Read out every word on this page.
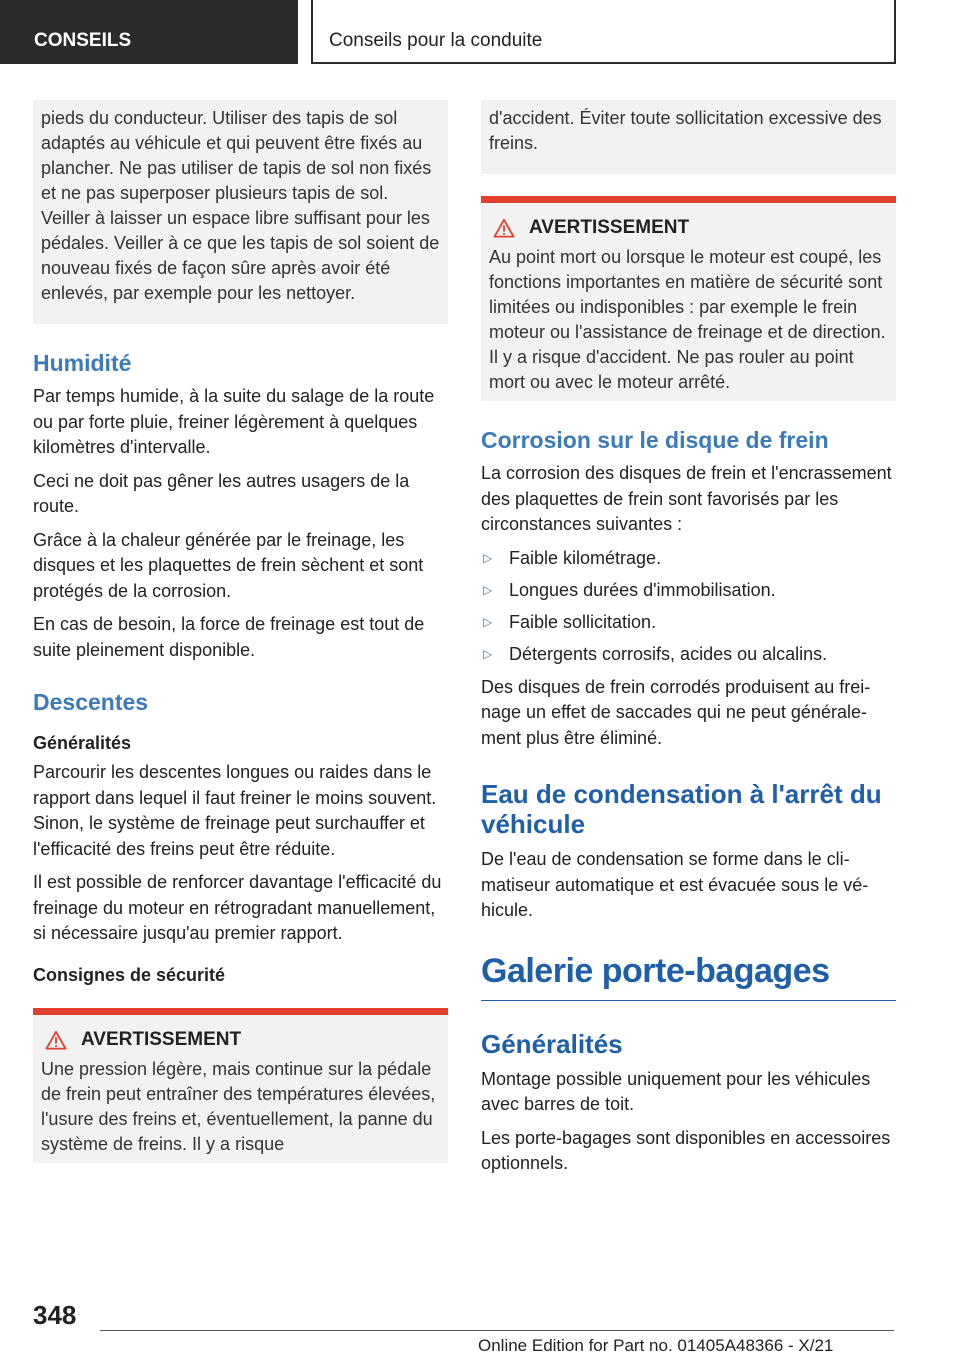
CONSEILS	Conseils pour la conduite
pieds du conducteur. Utiliser des tapis de sol adaptés au véhicule et qui peuvent être fixés au plancher. Ne pas utiliser de tapis de sol non fixés et ne pas superposer plusieurs tapis de sol. Veiller à laisser un espace libre suffisant pour les pédales. Veiller à ce que les tapis de sol soient de nouveau fixés de façon sûre après avoir été enlevés, par exemple pour les nettoyer.
Humidité

Par temps humide, à la suite du salage de la route ou par forte pluie, freiner légèrement à quelques kilomètres d'intervalle.

Ceci ne doit pas gêner les autres usagers de la route.

Grâce à la chaleur générée par le freinage, les disques et les plaquettes de frein sèchent et sont protégés de la corrosion.

En cas de besoin, la force de freinage est tout de suite pleinement disponible.

Descentes
Généralités

Parcourir les descentes longues ou raides dans le rapport dans lequel il faut freiner le moins souvent. Sinon, le système de freinage peut surchauffer et l'efficacité des freins peut être réduite.

Il est possible de renforcer davantage l'efficacité du freinage du moteur en rétrogradant manuellement, si nécessaire jusqu'au premier rapport.

Consignes de sécurité
AVERTISSEMENT
Une pression légère, mais continue sur la pédale de frein peut entraîner des températures élevées, l'usure des freins et, éventuellement, la panne du système de freins. Il y a risque
d'accident. Éviter toute sollicitation excessive des freins.
AVERTISSEMENT
Au point mort ou lorsque le moteur est coupé, les fonctions importantes en matière de sécurité sont limitées ou indisponibles : par exemple le frein moteur ou l'assistance de freinage et de direction. Il y a risque d'accident. Ne pas rouler au point mort ou avec le moteur arrêté.
Corrosion sur le disque de frein

La corrosion des disques de frein et l'encrassement des plaquettes de frein sont favorisés par les circonstances suivantes :

▷ Faible kilométrage.
▷ Longues durées d'immobilisation.
▷ Faible sollicitation.
▷ Détergents corrosifs, acides ou alcalins.

Des disques de frein corrodés produisent au freinage un effet de saccades qui ne peut généralement plus être éliminé.

Eau de condensation à l'arrêt du véhicule

De l'eau de condensation se forme dans le climatiseur automatique et est évacuée sous le véhicule.

Galerie porte-bagages
Généralités

Montage possible uniquement pour les véhicules avec barres de toit.

Les porte-bagages sont disponibles en accessoires optionnels.

348
Online Edition for Part no. 01405A48366 - X/21
